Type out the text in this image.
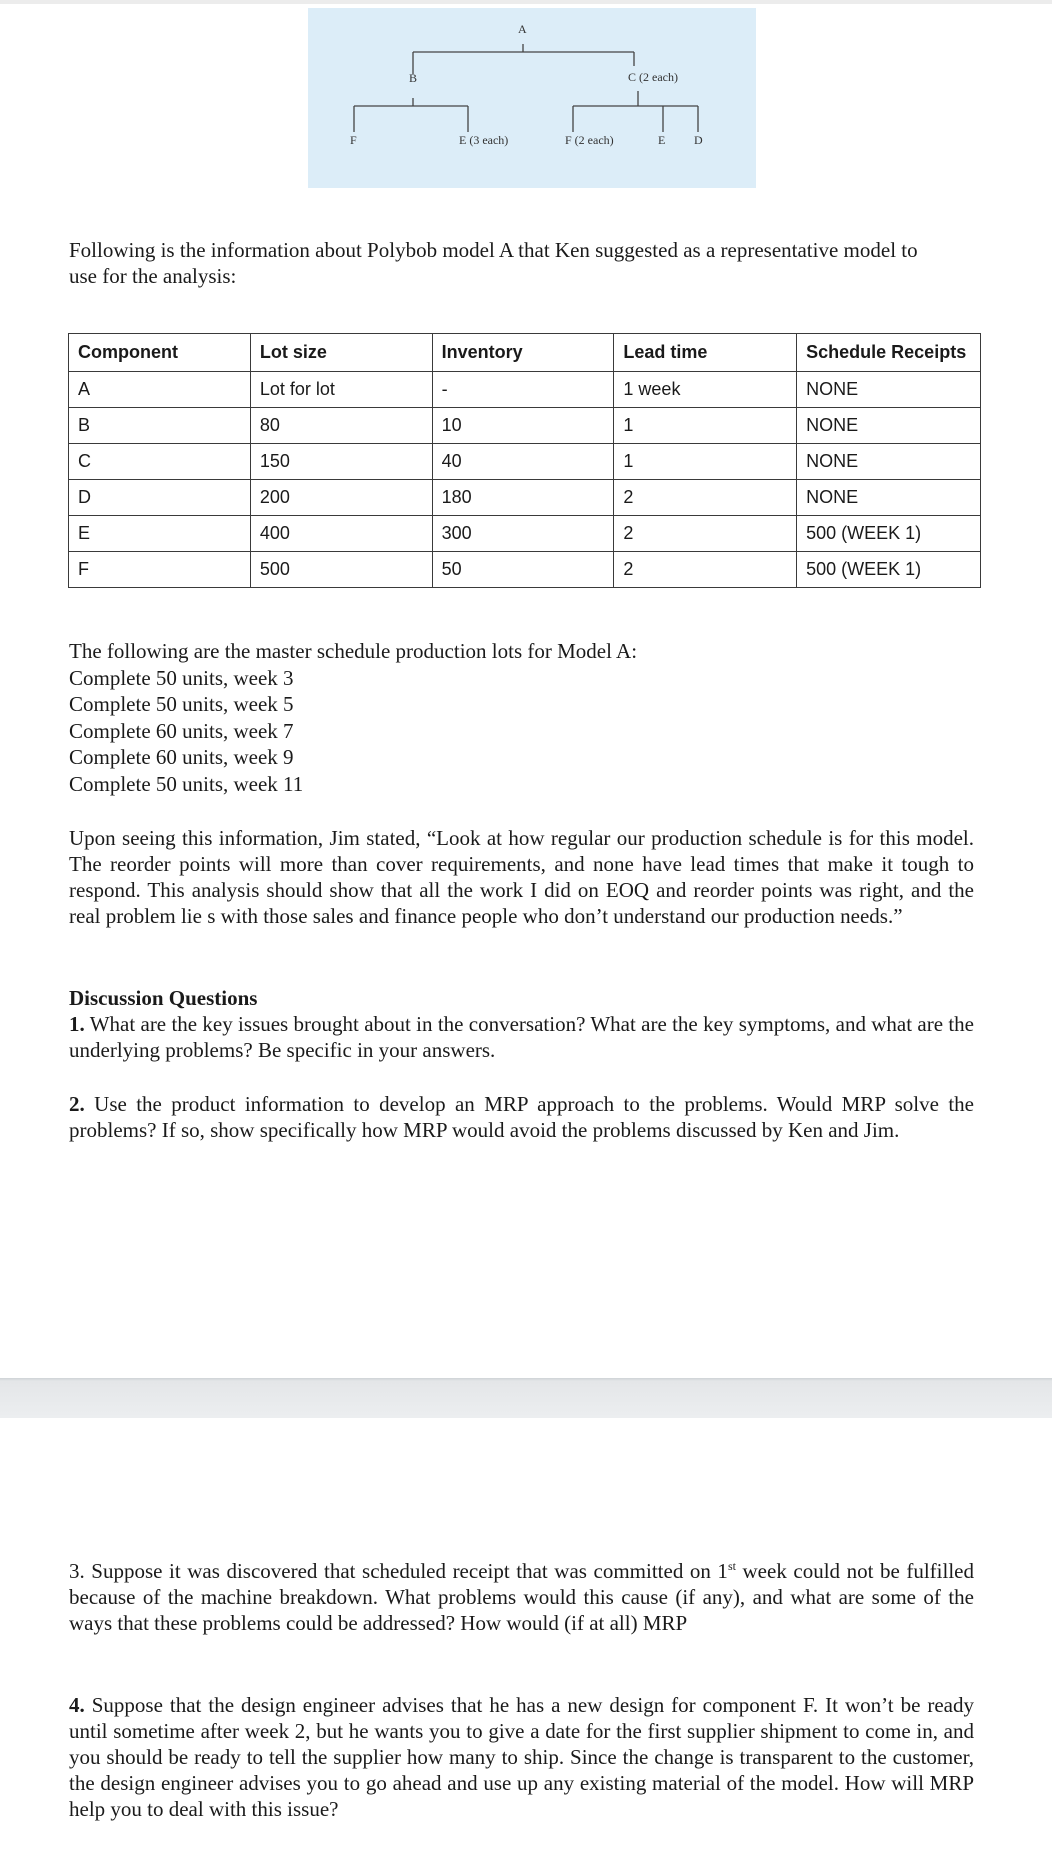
A
B	C (2 each)
F	E (3 each)	F (2 each)	E D

Following is the information about Polybob model A that Ken suggested as a representative model to use for the analysis:

Component	Lot size	Inventory	Lead time	Schedule Receipts
A	Lot for lot	-	1 week	NONE
B	80	10	1	NONE
C	150	40	1	NONE
D	200	180	2	NONE
E	400	300	2	500 (WEEK 1)
F	500	50	2	500 (WEEK 1)
The following are the master schedule production lots for Model A:
Complete 50 units, week 3
Complete 50 units, week 5
Complete 60 units, week 7
Complete 60 units, week 9
Complete 50 units, week 11

Upon seeing this information, Jim stated, “Look at how regular our production schedule is for this model. The reorder points will more than cover requirements, and none have lead times that make it tough to respond. This analysis should show that all the work I did on EOQ and reorder points was right, and the real problem lie s with those sales and finance people who don’t understand our production needs.”

Discussion Questions
1. What are the key issues brought about in the conversation? What are the key symptoms, and what are the underlying problems? Be specific in your answers.

2. Use the product information to develop an MRP approach to the problems. Would MRP solve the problems? If so, show specifically how MRP would avoid the problems discussed by Ken and Jim.

3. Suppose it was discovered that scheduled receipt that was committed on 1st week could not be fulfilled because of the machine breakdown. What problems would this cause (if any), and what are some of the ways that these problems could be addressed? How would (if at all) MRP

4. Suppose that the design engineer advises that he has a new design for component F. It won’t be ready until sometime after week 2, but he wants you to give a date for the first supplier shipment to come in, and you should be ready to tell the supplier how many to ship. Since the change is transparent to the customer, the design engineer advises you to go ahead and use up any existing material of the model. How will MRP help you to deal with this issue?
